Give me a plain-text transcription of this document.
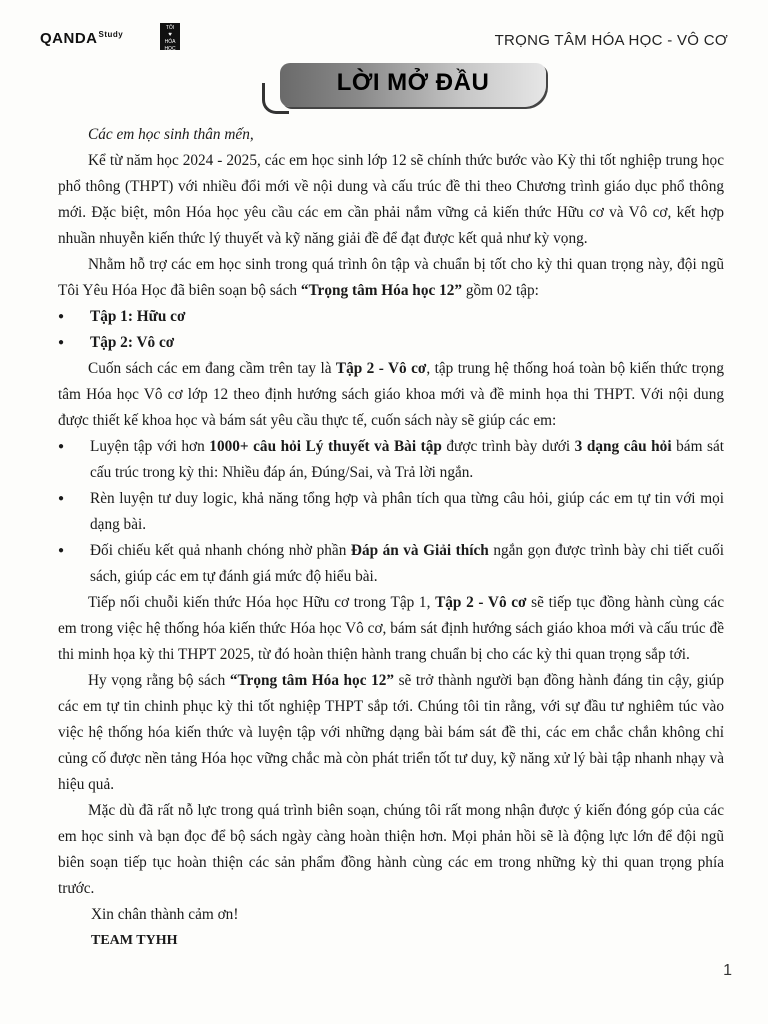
$QANDA^{Study}$
TÔI
♥
HÓA HỌC	TRỌNG TÂM HÓA HỌC - VÔ CƠ
LỜI MỞ ĐẦU

Các em học sinh thân mến,

Kể từ năm học 2024 - 2025, các em học sinh lớp 12 sẽ chính thức bước vào Kỳ thi tốt nghiệp trung học phổ thông (THPT) với nhiều đổi mới về nội dung và cấu trúc đề thi theo Chương trình giáo dục phổ thông mới. Đặc biệt, môn Hóa học yêu cầu các em cần phải nắm vững cả kiến thức Hữu cơ và Vô cơ, kết hợp nhuần nhuyễn kiến thức lý thuyết và kỹ năng giải đề để đạt được kết quả như kỳ vọng.

Nhằm hỗ trợ các em học sinh trong quá trình ôn tập và chuẩn bị tốt cho kỳ thi quan trọng này, đội ngũ Tôi Yêu Hóa Học đã biên soạn bộ sách “Trọng tâm Hóa học 12” gồm 02 tập:

● Tập 1: Hữu cơ
● Tập 2: Vô cơ

Cuốn sách các em đang cầm trên tay là Tập 2 - Vô cơ, tập trung hệ thống hoá toàn bộ kiến thức trọng tâm Hóa học Vô cơ lớp 12 theo định hướng sách giáo khoa mới và đề minh họa thi THPT. Với nội dung được thiết kế khoa học và bám sát yêu cầu thực tế, cuốn sách này sẽ giúp các em:

● Luyện tập với hơn 1000+ câu hỏi Lý thuyết và Bài tập được trình bày dưới 3 dạng câu hỏi bám sát cấu trúc trong kỳ thi: Nhiều đáp án, Đúng/Sai, và Trả lời ngắn.
● Rèn luyện tư duy logic, khả năng tổng hợp và phân tích qua từng câu hỏi, giúp các em tự tin với mọi dạng bài.
● Đối chiếu kết quả nhanh chóng nhờ phần Đáp án và Giải thích ngắn gọn được trình bày chi tiết cuối sách, giúp các em tự đánh giá mức độ hiểu bài.

Tiếp nối chuỗi kiến thức Hóa học Hữu cơ trong Tập 1, Tập 2 - Vô cơ sẽ tiếp tục đồng hành cùng các em trong việc hệ thống hóa kiến thức Hóa học Vô cơ, bám sát định hướng sách giáo khoa mới và cấu trúc đề thi minh họa kỳ thi THPT 2025, từ đó hoàn thiện hành trang chuẩn bị cho các kỳ thi quan trọng sắp tới.

Hy vọng rằng bộ sách “Trọng tâm Hóa học 12” sẽ trở thành người bạn đồng hành đáng tin cậy, giúp các em tự tin chinh phục kỳ thi tốt nghiệp THPT sắp tới. Chúng tôi tin rằng, với sự đầu tư nghiêm túc vào việc hệ thống hóa kiến thức và luyện tập với những dạng bài bám sát đề thi, các em chắc chắn không chỉ củng cố được nền tảng Hóa học vững chắc mà còn phát triển tốt tư duy, kỹ năng xử lý bài tập nhanh nhạy và hiệu quả.

Mặc dù đã rất nỗ lực trong quá trình biên soạn, chúng tôi rất mong nhận được ý kiến đóng góp của các em học sinh và bạn đọc để bộ sách ngày càng hoàn thiện hơn. Mọi phản hồi sẽ là động lực lớn để đội ngũ biên soạn tiếp tục hoàn thiện các sản phẩm đồng hành cùng các em trong những kỳ thi quan trọng phía trước.

Xin chân thành cảm ơn!

TEAM TYHH

1
